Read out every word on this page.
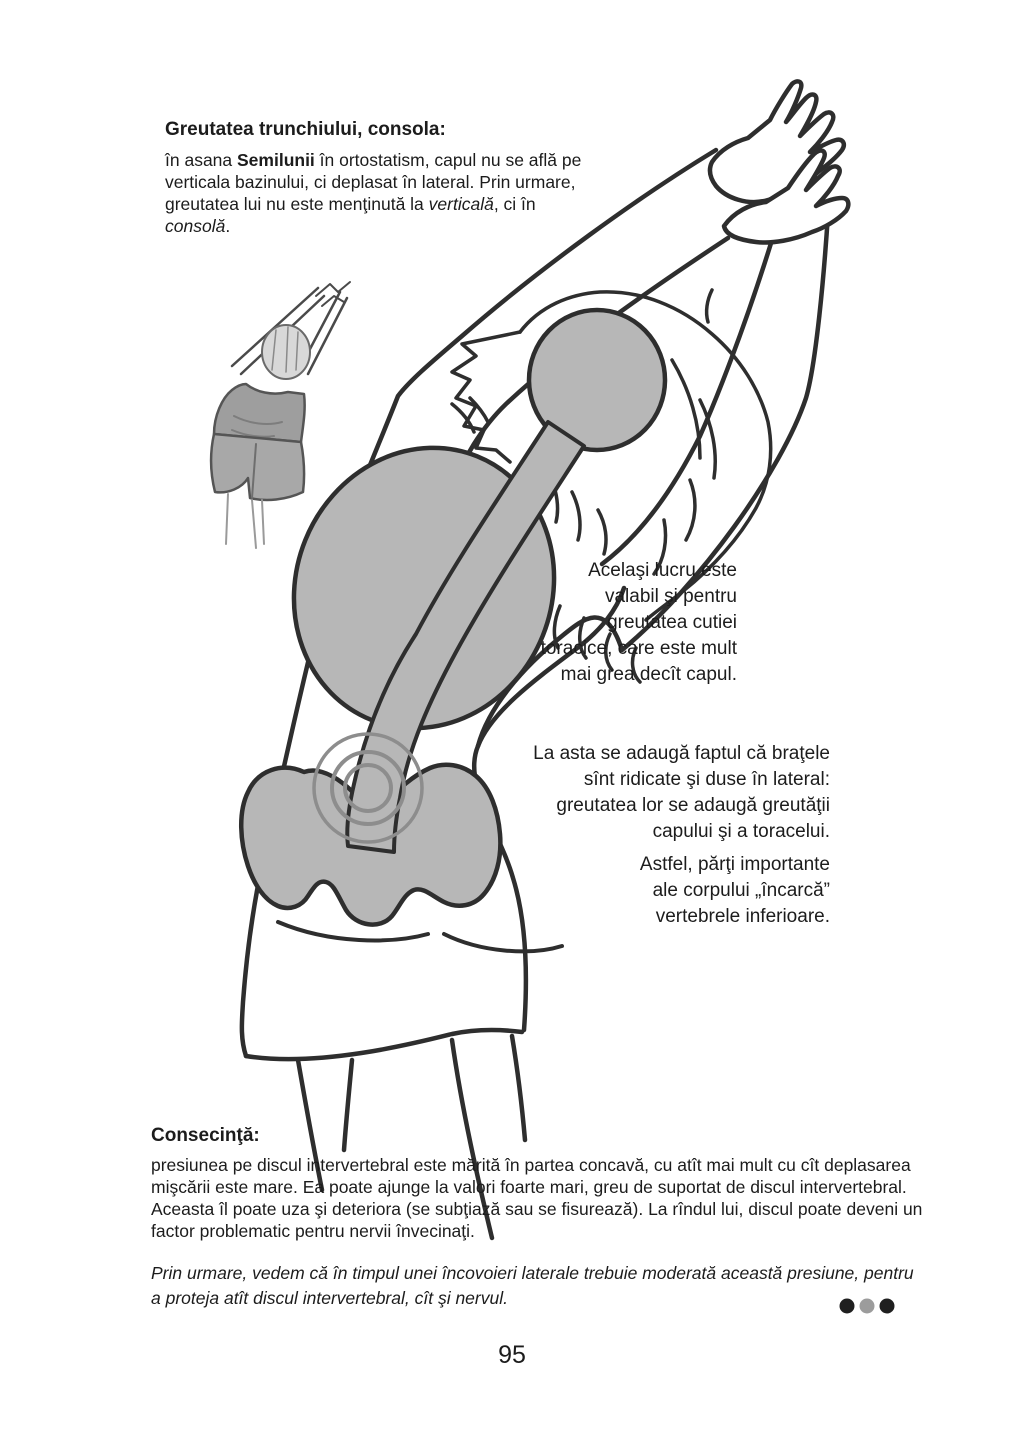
Greutatea trunchiului, consola:
în asana Semilunii în ortostatism, capul nu se află pe
verticala bazinului, ci deplasat în lateral. Prin urmare,
greutatea lui nu este menţinută la verticală, ci în
consolă.
Acelaşi lucru este
valabil şi pentru
greutatea cutiei
toracice, care este mult
mai grea decît capul.
La asta se adaugă faptul că braţele
sînt ridicate şi duse în lateral:
greutatea lor se adaugă greutăţii
capului şi a toracelui.
Astfel, părţi importante
ale corpului „încarcă”
vertebrele inferioare.
Consecinţă:
presiunea pe discul intervertebral este mărită în partea concavă, cu atît mai mult cu cît deplasarea
mişcării este mare. Ea poate ajunge la valori foarte mari, greu de suportat de discul intervertebral.
Aceasta îl poate uza şi deteriora (se subţiază sau se fisurează). La rîndul lui, discul poate deveni un
factor problematic pentru nervii învecinaţi.
Prin urmare, vedem că în timpul unei încovoieri laterale trebuie moderată această presiune, pentru
a proteja atît discul intervertebral, cît şi nervul.
95
